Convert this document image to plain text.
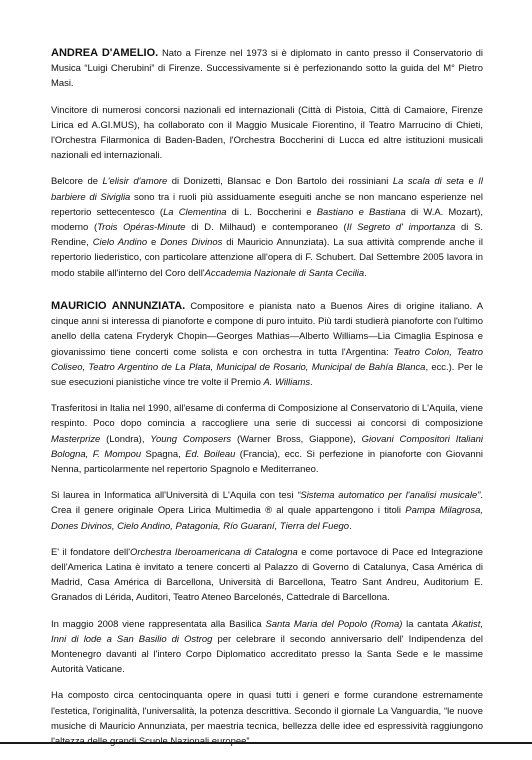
ANDREA D'AMELIO. Nato a Firenze nel 1973 si è diplomato in canto presso il Conservatorio di Musica “Luigi Cherubini” di Firenze. Successivamente si è perfezionando sotto la guida del M° Pietro Masi.

Vincitore di numerosi concorsi nazionali ed internazionali (Città di Pistoia, Città di Camaiore, Firenze Lirica ed A.GI.MUS), ha collaborato con il Maggio Musicale Fiorentino, il Teatro Marrucino di Chieti, l'Orchestra Filarmonica di Baden-Baden, l'Orchestra Boccherini di Lucca ed altre istituzioni musicali nazionali ed internazionali.

Belcore de L'elisir d'amore di Donizetti, Blansac e Don Bartolo dei rossiniani La scala di seta e Il barbiere di Siviglia sono tra i ruoli più assiduamente eseguiti anche se non mancano esperienze nel repertorio settecentesco (La Clementina di L. Boccherini e Bastiano e Bastiana di W.A. Mozart), moderno (Trois Opéras-Minute di D. Milhaud) e contemporaneo (Il Segreto d' importanza di S. Rendine, Cielo Andino e Dones Divinos di Mauricio Annunziata). La sua attività comprende anche il repertorio liederistico, con particolare attenzione all'opera di F. Schubert. Dal Settembre 2005 lavora in modo stabile all'interno del Coro dell'Accademia Nazionale di Santa Cecilia.

MAURICIO ANNUNZIATA. Compositore e pianista nato a Buenos Aires di origine italiano. A cinque anni si interessa di pianoforte e compone di puro intuito. Più tardi studierà pianoforte con l'ultimo anello della catena Fryderyk Chopin—Georges Mathias—Alberto Williams—Lia Cimaglia Espinosa e giovanissimo tiene concerti come solista e con orchestra in tutta l'Argentina: Teatro Colon, Teatro Coliseo, Teatro Argentino de La Plata, Municipal de Rosario, Municipal de Bahía Blanca, ecc.). Per le sue esecuzioni pianistiche vince tre volte il Premio A. Williams.

Trasferitosi in Italia nel 1990, all'esame di conferma di Composizione al Conservatorio di L'Aquila, viene respinto. Poco dopo comincia a raccogliere una serie di successi ai concorsi di composizione Masterprize (Londra), Young Composers (Warner Bross, Giappone), Giovani Compositori Italiani Bologna, F. Mompou Spagna, Ed. Boileau (Francia), ecc. Si perfezione in pianoforte con Giovanni Nenna, particolarmente nel repertorio Spagnolo e Mediterraneo.

Si laurea in Informatica all'Università di L'Aquila con tesi “Sistema automatico per l'analisi musicale”. Crea il genere originale Opera Lirica Multimedia ® al quale appartengono i titoli Pampa Milagrosa, Dones Divinos, Cielo Andino, Patagonia, Río Guaraní, Tierra del Fuego.

E' il fondatore dell'Orchestra Iberoamericana di Catalogna e come portavoce di Pace ed Integrazione dell'America Latina è invitato a tenere concerti al Palazzo di Governo di Catalunya, Casa América di Madrid, Casa América di Barcellona, Università di Barcellona, Teatro Sant Andreu, Auditorium E. Granados di Lérida, Auditori, Teatro Ateneo Barcelonés, Cattedrale di Barcellona.

In maggio 2008 viene rappresentata alla Basilica Santa Maria del Popolo (Roma) la cantata Akatist, Inni di lode a San Basilio di Ostrog per celebrare il secondo anniversario dell' Indipendenza del Montenegro davanti al l'intero Corpo Diplomatico accreditato presso la Santa Sede e le massime Autorità Vaticane.

Ha composto circa centocinquanta opere in quasi tutti i generi e forme curandone estremamente l'estetica, l'originalità, l'universalità, la potenza descrittiva. Secondo il giornale La Vanguardia, “le nuove musiche di Mauricio Annunziata, per maestria tecnica, bellezza delle idee ed espressività raggiungono
